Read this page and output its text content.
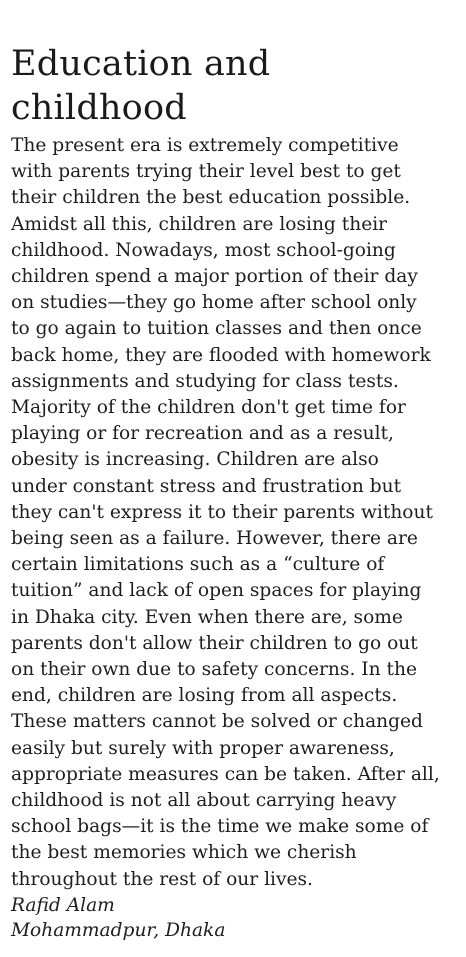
Education and
childhood
The present era is extremely competitive
with parents trying their level best to get
their children the best education possible.
Amidst all this, children are losing their
childhood. Nowadays, most school-going
children spend a major portion of their day
on studies—they go home after school only
to go again to tuition classes and then once
back home, they are flooded with homework
assignments and studying for class tests.
Majority of the children don't get time for
playing or for recreation and as a result,
obesity is increasing. Children are also
under constant stress and frustration but
they can't express it to their parents without
being seen as a failure. However, there are
certain limitations such as a “culture of
tuition” and lack of open spaces for playing
in Dhaka city. Even when there are, some
parents don't allow their children to go out
on their own due to safety concerns. In the
end, children are losing from all aspects.
These matters cannot be solved or changed
easily but surely with proper awareness,
appropriate measures can be taken. After all,
childhood is not all about carrying heavy
school bags—it is the time we make some of
the best memories which we cherish
throughout the rest of our lives.
Rafid Alam
Mohammadpur, Dhaka
